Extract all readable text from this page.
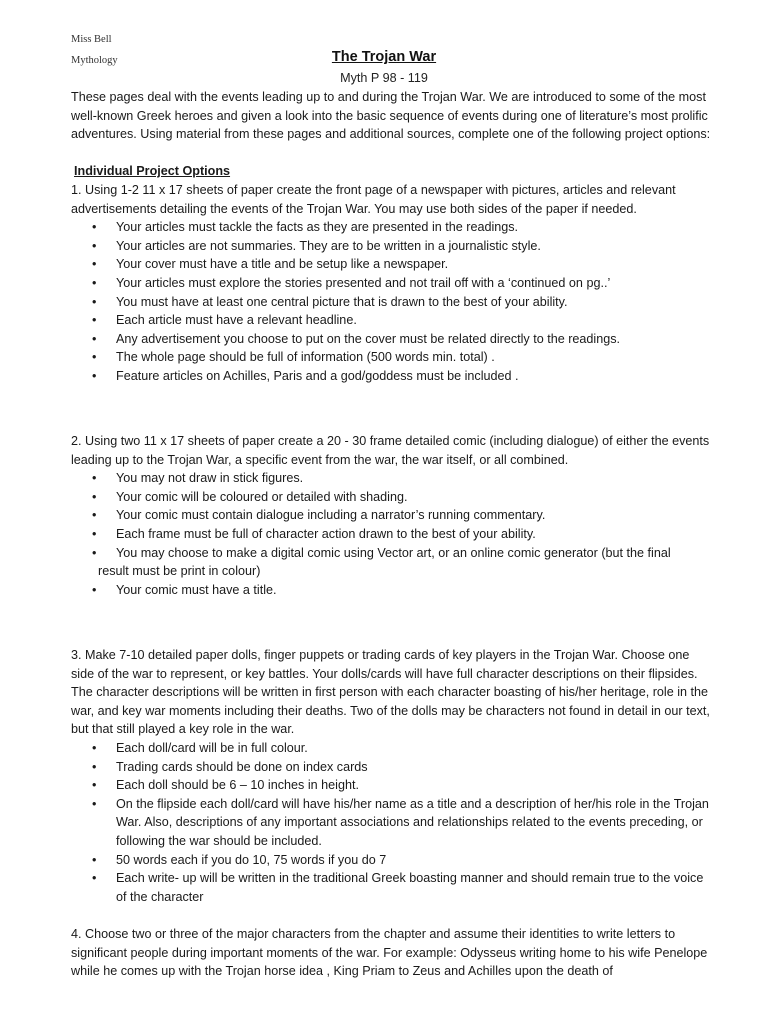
Miss Bell
Mythology	The Trojan War
Myth P 98 - 119

These pages deal with the events leading up to and during the Trojan War. We are introduced to some of the most well-known Greek heroes and given a look into the basic sequence of events during one of literature’s most prolific adventures. Using material from these pages and additional sources, complete one of the following project options:

Individual Project Options

1. Using 1-2 11 x 17 sheets of paper create the front page of a newspaper with pictures, articles and relevant advertisements detailing the events of the Trojan War. You may use both sides of the paper if needed.

• Your articles must tackle the facts as they are presented in the readings.
• Your articles are not summaries. They are to be written in a journalistic style.
• Your cover must have a title and be setup like a newspaper.
• Your articles must explore the stories presented and not trail off with a ‘continued on pg..’
• You must have at least one central picture that is drawn to the best of your ability.
• Each article must have a relevant headline.
• Any advertisement you choose to put on the cover must be related directly to the readings.
• The whole page should be full of information (500 words min. total) .
• Feature articles on Achilles, Paris and a god/goddess must be included .

2. Using two 11 x 17 sheets of paper create a 20 - 30 frame detailed comic (including dialogue) of either the events leading up to the Trojan War, a specific event from the war, the war itself, or all combined.

• You may not draw in stick figures.
• Your comic will be coloured or detailed with shading.
• Your comic must contain dialogue including a narrator’s running commentary.
• Each frame must be full of character action drawn to the best of your ability.
• You may choose to make a digital comic using Vector art, or an online comic generator (but the final
result must be print in colour)
• Your comic must have a title.

3. Make 7-10 detailed paper dolls, finger puppets or trading cards of key players in the Trojan War. Choose one side of the war to represent, or key battles. Your dolls/cards will have full character descriptions on their flipsides. The character descriptions will be written in first person with each character boasting of his/her heritage, role in the war, and key war moments including their deaths. Two of the dolls may be characters not found in detail in our text, but that still played a key role in the war.

• Each doll/card will be in full colour.
• Trading cards should be done on index cards
• Each doll should be 6 – 10 inches in height.
• On the flipside each doll/card will have his/her name as a title and a description of her/his role in the Trojan War. Also, descriptions of any important associations and relationships related to the events preceding, or following the war should be included.
• 50 words each if you do 10, 75 words if you do 7
• Each write- up will be written in the traditional Greek boasting manner and should remain true to the voice of the character

4. Choose two or three of the major characters from the chapter and assume their identities to write letters to significant people during important moments of the war. For example: Odysseus writing home to his wife Penelope while he comes up with the Trojan horse idea , King Priam to Zeus and Achilles upon the death of
